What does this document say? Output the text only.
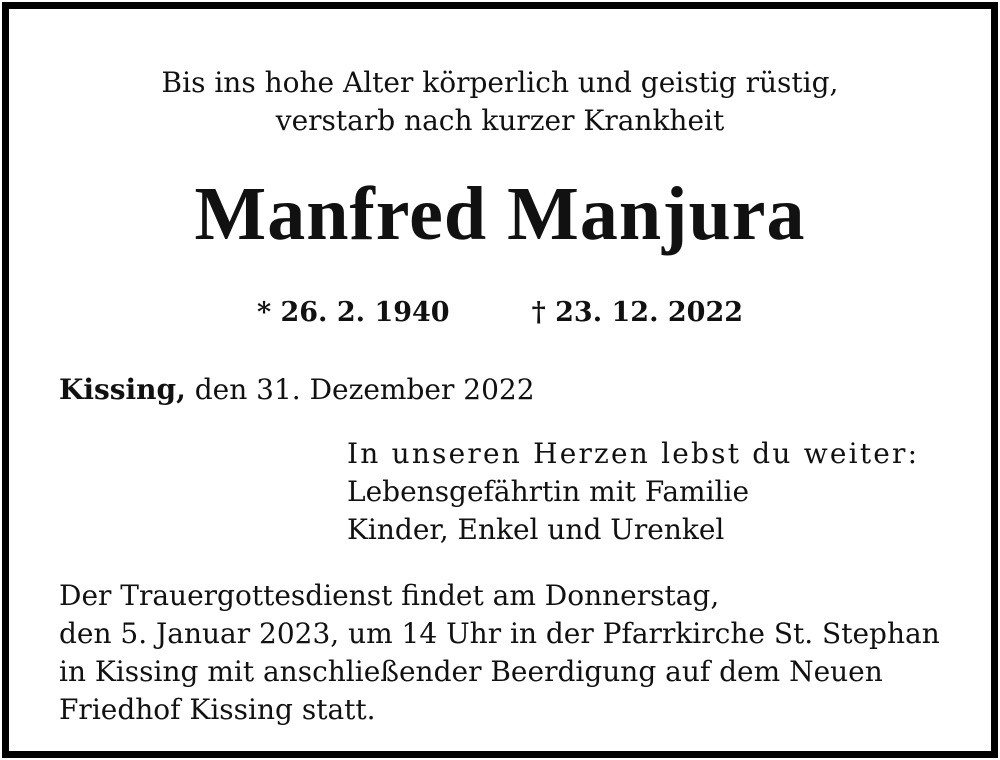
Bis ins hohe Alter körperlich und geistig rüstig,
verstarb nach kurzer Krankheit
Manfred Manjura
* 26. 2. 1940	† 23. 12. 2022
Kissing, den 31. Dezember 2022
In unseren Herzen lebst du weiter:
Lebensgefährtin mit Familie
Kinder, Enkel und Urenkel
Der Trauergottesdienst findet am Donnerstag,
den 5. Januar 2023, um 14 Uhr in der Pfarrkirche St. Stephan
in Kissing mit anschließender Beerdigung auf dem Neuen
Friedhof Kissing statt.
